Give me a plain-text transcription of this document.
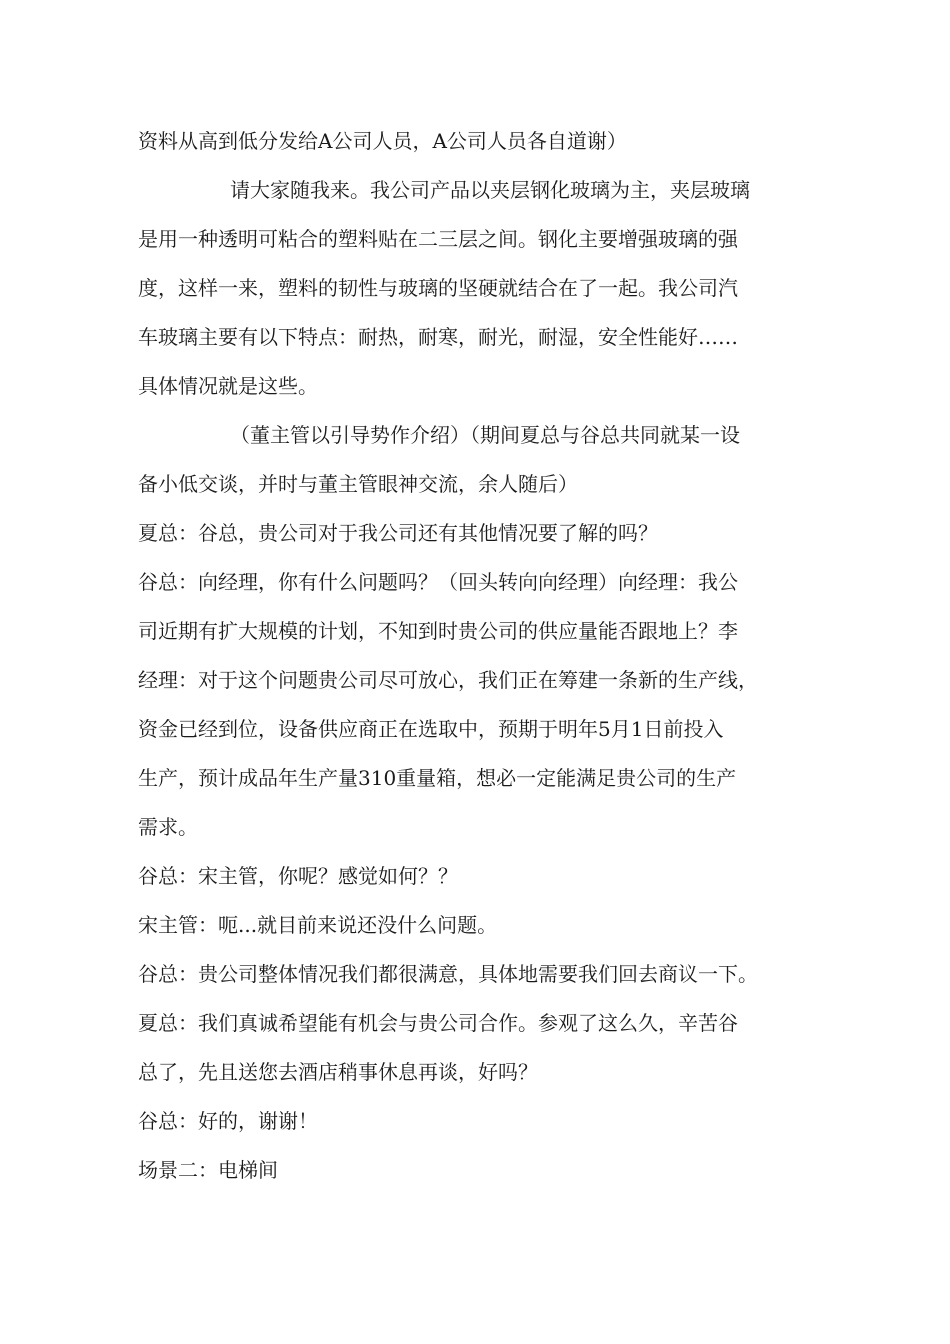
资料从高到低分发给A公司人员，A公司人员各自道谢）
请大家随我来。我公司产品以夹层钢化玻璃为主，夹层玻璃
是用一种透明可粘合的塑料贴在二三层之间。钢化主要增强玻璃的强
度，这样一来，塑料的韧性与玻璃的坚硬就结合在了一起。我公司汽
车玻璃主要有以下特点：耐热，耐寒，耐光，耐湿，安全性能好……
具体情况就是这些。
（董主管以引导势作介绍）（期间夏总与谷总共同就某一设
备小低交谈，并时与董主管眼神交流，余人随后）
夏总：谷总，贵公司对于我公司还有其他情况要了解的吗？
谷总：向经理，你有什么问题吗？（回头转向向经理）向经理：我公
司近期有扩大规模的计划，不知到时贵公司的供应量能否跟地上？李
经理：对于这个问题贵公司尽可放心，我们正在筹建一条新的生产线，
资金已经到位，设备供应商正在选取中，预期于明年5月1日前投入
生产，预计成品年生产量310重量箱，想必一定能满足贵公司的生产
需求。
谷总：宋主管，你呢？感觉如何？？
宋主管：呃...就目前来说还没什么问题。
谷总：贵公司整体情况我们都很满意，具体地需要我们回去商议一下。
夏总：我们真诚希望能有机会与贵公司合作。参观了这么久，辛苦谷
总了，先且送您去酒店稍事休息再谈，好吗？
谷总：好的，谢谢！
场景二：电梯间
